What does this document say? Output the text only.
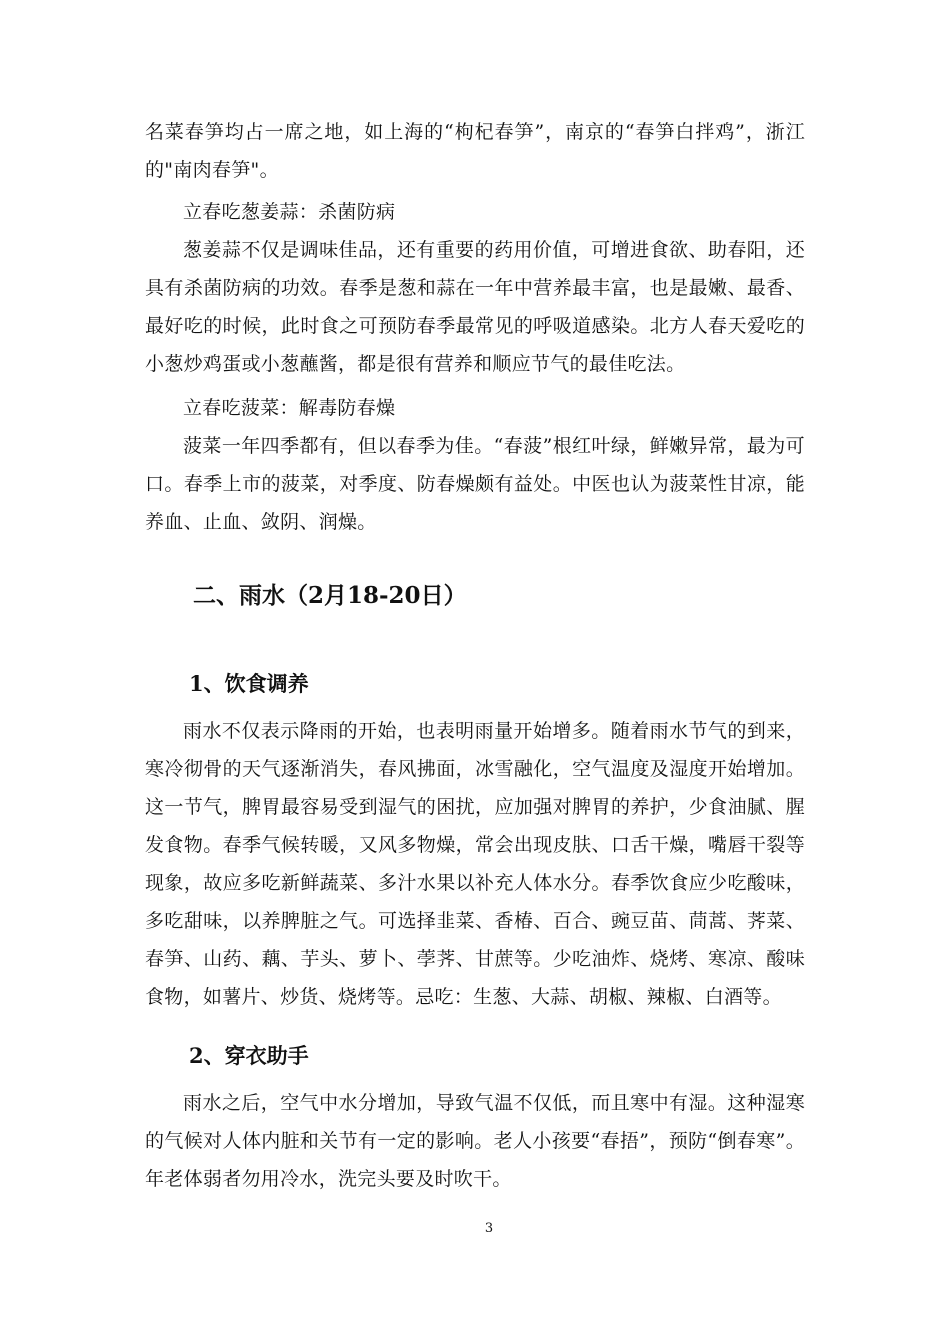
名菜春笋均占一席之地，如上海的“枸杞春笋”，南京的“春笋白拌鸡”，浙江的"南肉春笋"。

立春吃葱姜蒜：杀菌防病

葱姜蒜不仅是调味佳品，还有重要的药用价值，可增进食欲、助春阳，还具有杀菌防病的功效。春季是葱和蒜在一年中营养最丰富，也是最嫩、最香、最好吃的时候，此时食之可预防春季最常见的呼吸道感染。北方人春天爱吃的小葱炒鸡蛋或小葱蘸酱，都是很有营养和顺应节气的最佳吃法。

立春吃菠菜：解毒防春燥

菠菜一年四季都有，但以春季为佳。“春菠”根红叶绿，鲜嫩异常，最为可口。春季上市的菠菜，对季度、防春燥颇有益处。中医也认为菠菜性甘凉，能养血、止血、敛阴、润燥。

二、雨水（2月18-20日）
1、饮食调养

雨水不仅表示降雨的开始，也表明雨量开始增多。随着雨水节气的到来，寒冷彻骨的天气逐渐消失，春风拂面，冰雪融化，空气温度及湿度开始增加。这一节气，脾胃最容易受到湿气的困扰，应加强对脾胃的养护，少食油腻、腥发食物。春季气候转暖，又风多物燥，常会出现皮肤、口舌干燥，嘴唇干裂等现象，故应多吃新鲜蔬菜、多汁水果以补充人体水分。春季饮食应少吃酸味，多吃甜味，以养脾脏之气。可选择韭菜、香椿、百合、豌豆苗、茼蒿、荠菜、春笋、山药、藕、芋头、萝卜、荸荠、甘蔗等。少吃油炸、烧烤、寒凉、酸味食物，如薯片、炒货、烧烤等。忌吃：生葱、大蒜、胡椒、辣椒、白酒等。

2、穿衣助手

雨水之后，空气中水分增加，导致气温不仅低，而且寒中有湿。这种湿寒的气候对人体内脏和关节有一定的影响。老人小孩要“春捂”，预防“倒春寒”。年老体弱者勿用冷水，洗完头要及时吹干。

3
